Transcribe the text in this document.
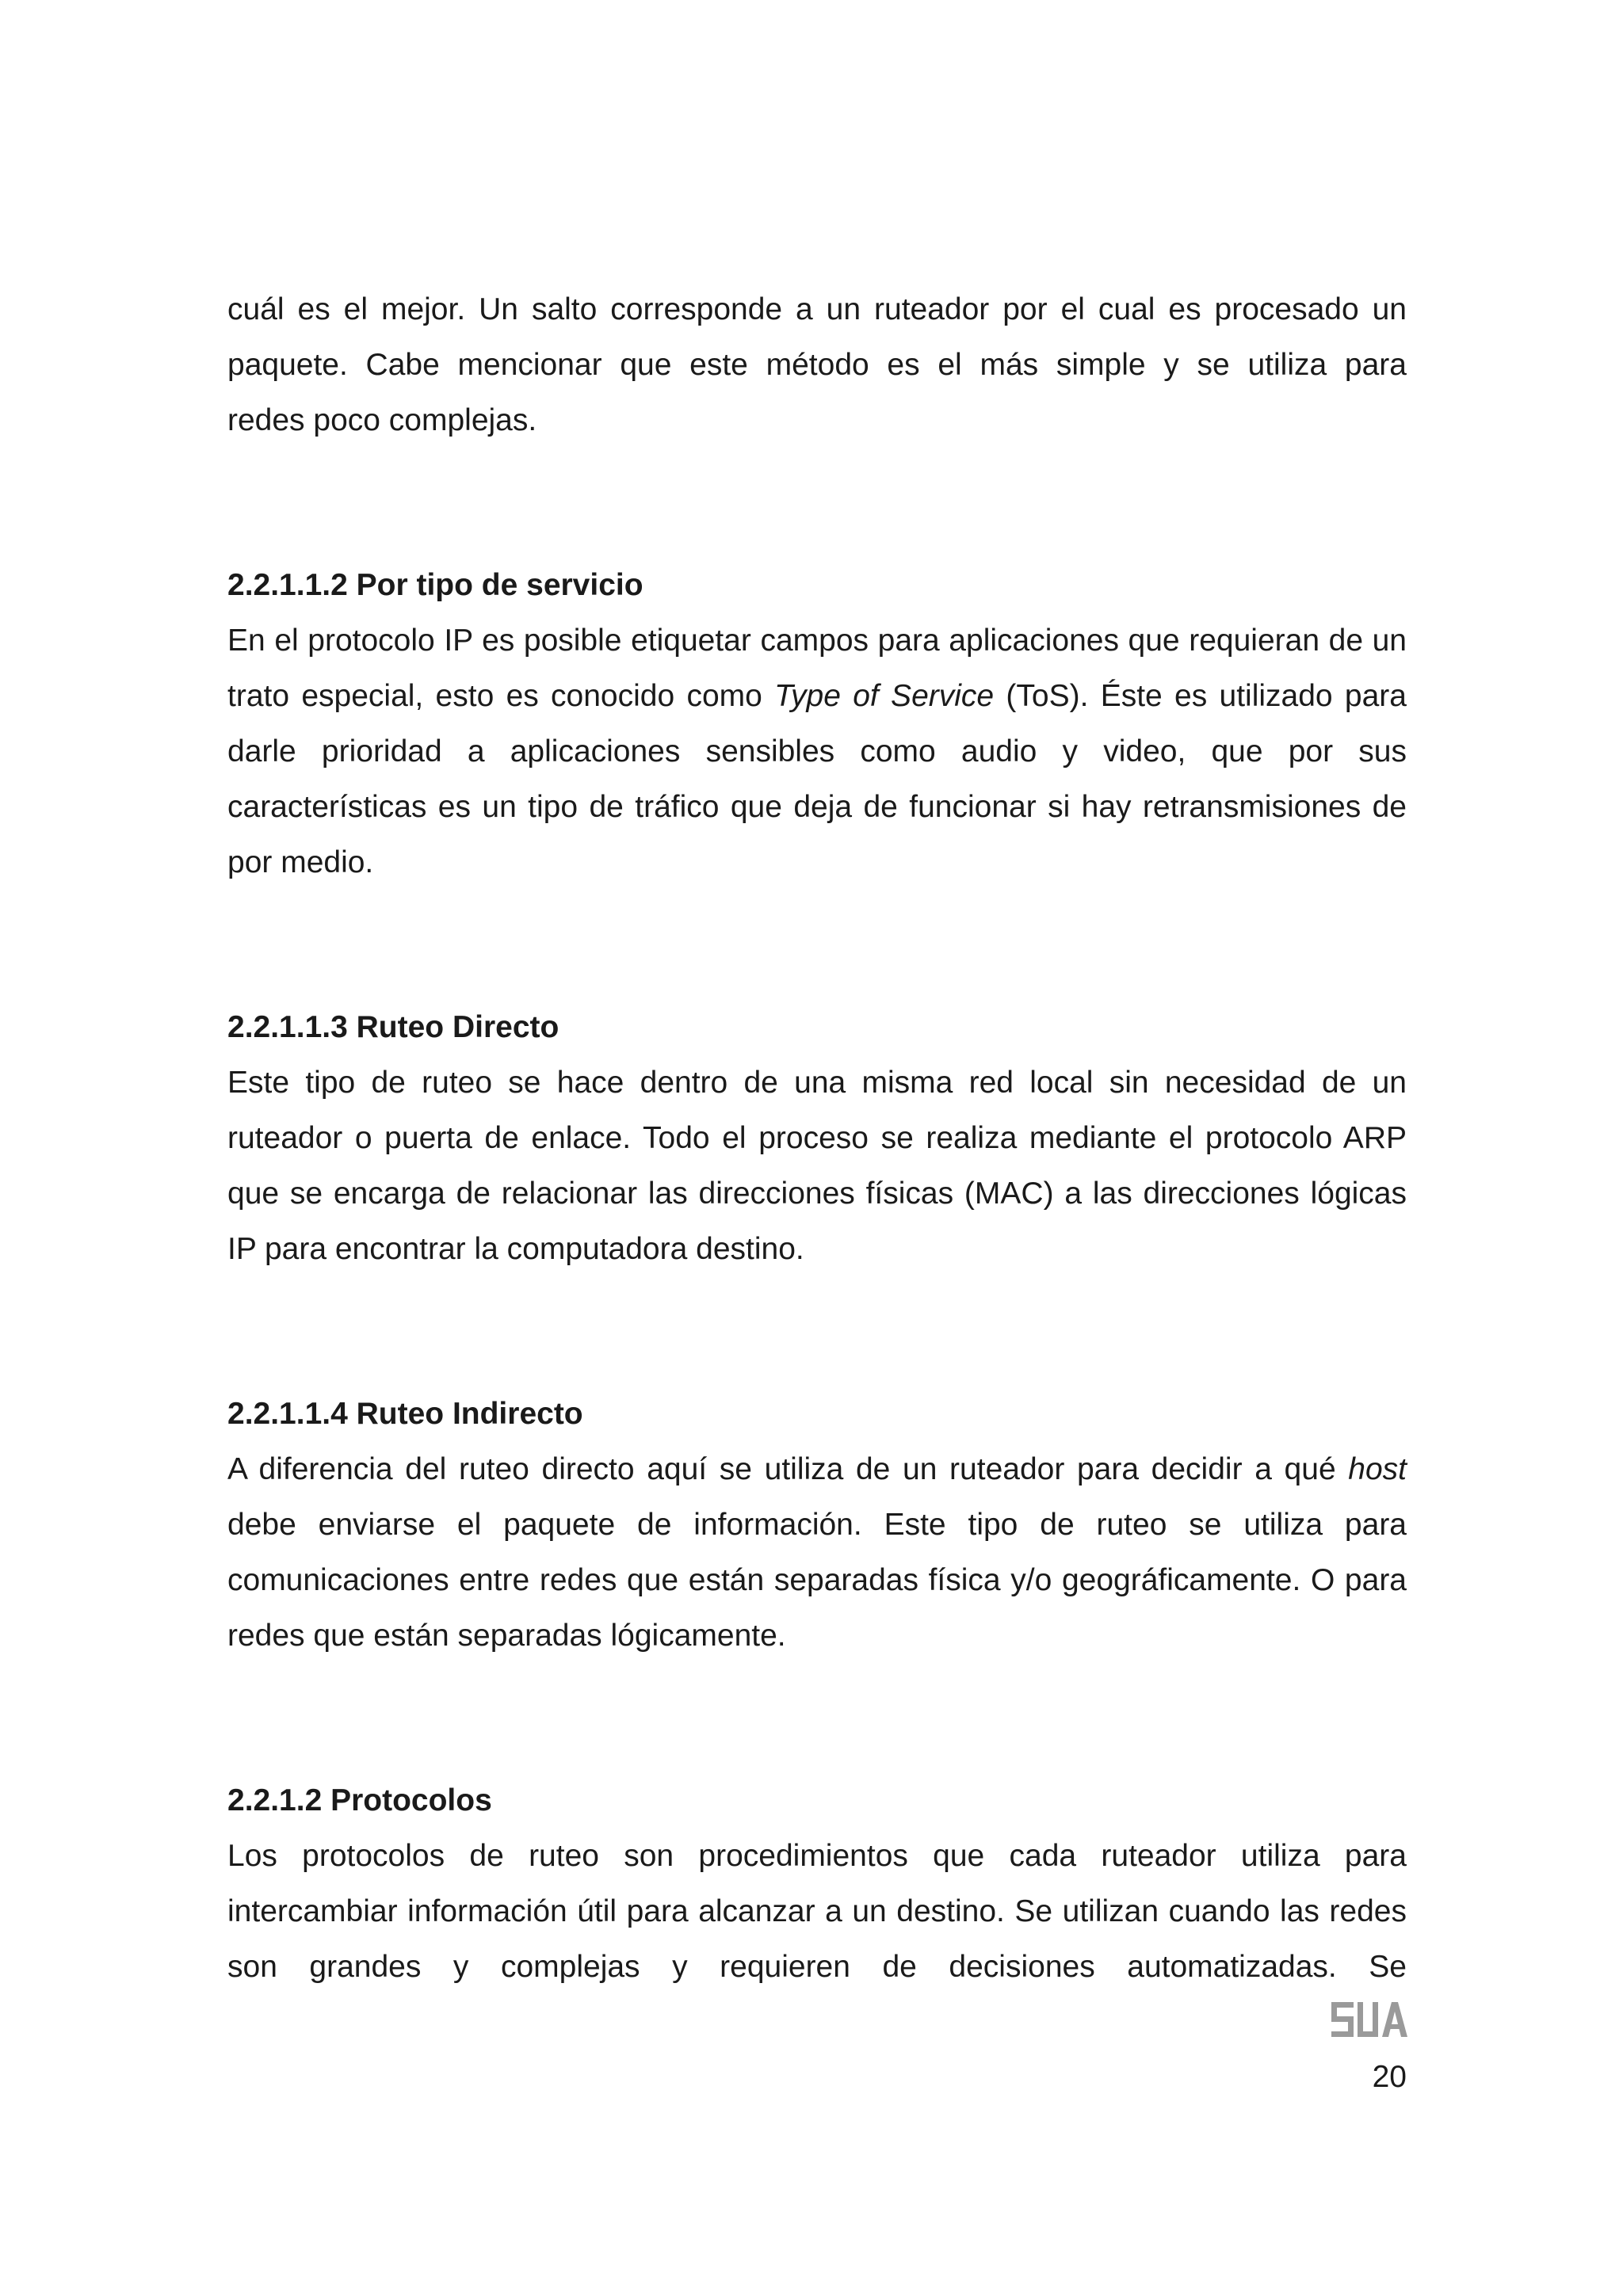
cuál es el mejor. Un salto corresponde a un ruteador por el cual es procesado un
paquete. Cabe mencionar que este método es el más simple y se utiliza para
redes poco complejas.

2.2.1.1.2 Por tipo de servicio

En el protocolo IP es posible etiquetar campos para aplicaciones que requieran de un trato especial, esto es conocido como Type of Service (ToS). Éste es utilizado para darle prioridad a aplicaciones sensibles como audio y video, que por sus características es un tipo de tráfico que deja de funcionar si hay retransmisiones de por medio.

2.2.1.1.3 Ruteo Directo

Este tipo de ruteo se hace dentro de una misma red local sin necesidad de un ruteador o puerta de enlace. Todo el proceso se realiza mediante el protocolo ARP que se encarga de relacionar las direcciones físicas (MAC) a las direcciones lógicas IP para encontrar la computadora destino.

2.2.1.1.4 Ruteo Indirecto

A diferencia del ruteo directo aquí se utiliza de un ruteador para decidir a qué host debe enviarse el paquete de información. Este tipo de ruteo se utiliza para comunicaciones entre redes que están separadas física y/o geográficamente. O para redes que están separadas lógicamente.

2.2.1.2 Protocolos

Los protocolos de ruteo son procedimientos que cada ruteador utiliza para intercambiar información útil para alcanzar a un destino. Se utilizan cuando las redes son grandes y complejas y requieren de decisiones automatizadas. Se

20
